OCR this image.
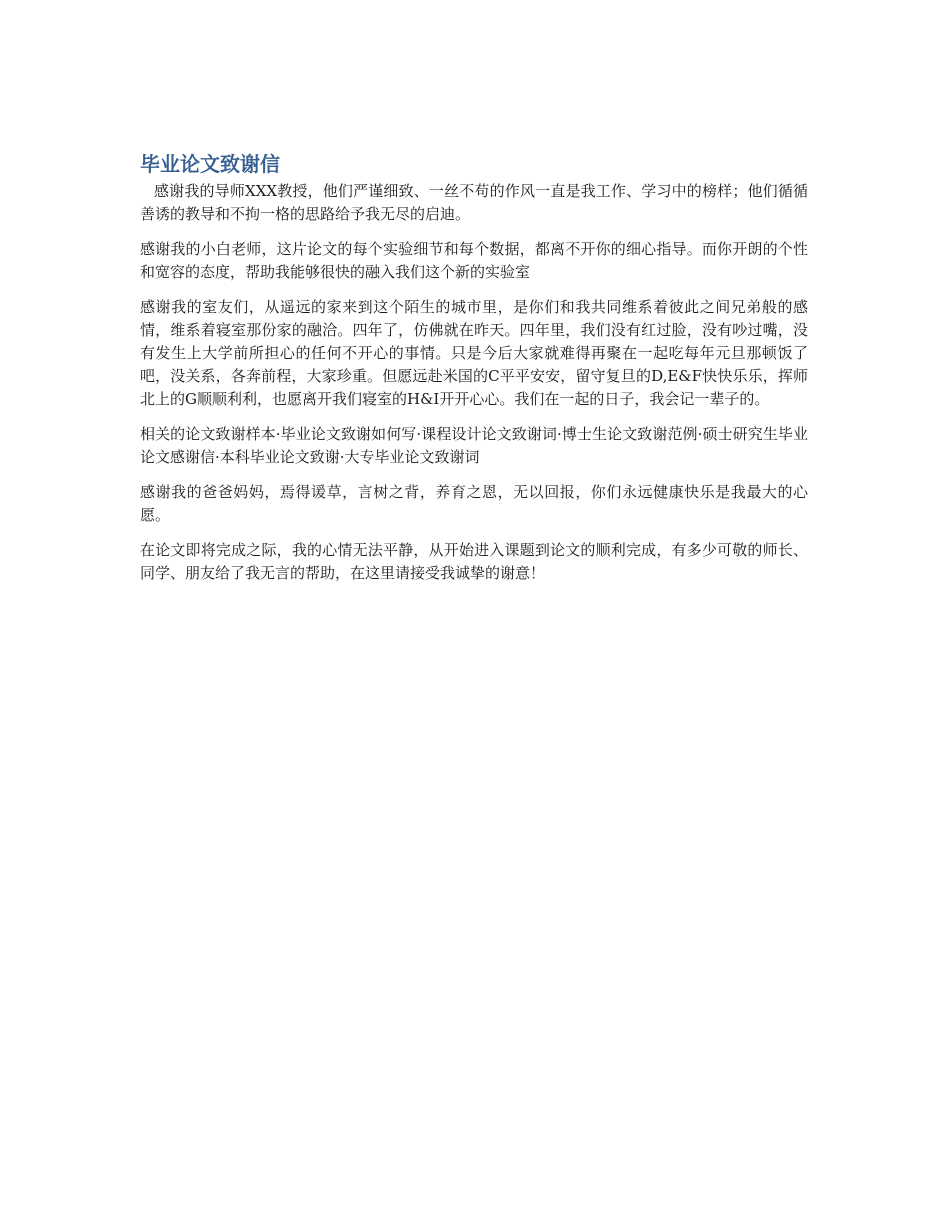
毕业论文致谢信

感谢我的导师XXX教授，他们严谨细致、一丝不苟的作风一直是我工作、学习中的榜样；他们循循善诱的教导和不拘一格的思路给予我无尽的启迪。

感谢我的小白老师，这片论文的每个实验细节和每个数据，都离不开你的细心指导。而你开朗的个性和宽容的态度，帮助我能够很快的融入我们这个新的实验室

感谢我的室友们，从遥远的家来到这个陌生的城市里，是你们和我共同维系着彼此之间兄弟般的感情，维系着寝室那份家的融洽。四年了，仿佛就在昨天。四年里，我们没有红过脸，没有吵过嘴，没有发生上大学前所担心的任何不开心的事情。只是今后大家就难得再聚在一起吃每年元旦那顿饭了吧，没关系，各奔前程，大家珍重。但愿远赴米国的C平平安安，留守复旦的D,E&F快快乐乐，挥师北上的G顺顺利利，也愿离开我们寝室的H&I开开心心。我们在一起的日子，我会记一辈子的。

相关的论文致谢样本·毕业论文致谢如何写·课程设计论文致谢词·博士生论文致谢范例·硕士研究生毕业论文感谢信·本科毕业论文致谢·大专毕业论文致谢词

感谢我的爸爸妈妈，焉得谖草，言树之背，养育之恩，无以回报，你们永远健康快乐是我最大的心愿。

在论文即将完成之际，我的心情无法平静，从开始进入课题到论文的顺利完成，有多少可敬的师长、同学、朋友给了我无言的帮助，在这里请接受我诚挚的谢意！
